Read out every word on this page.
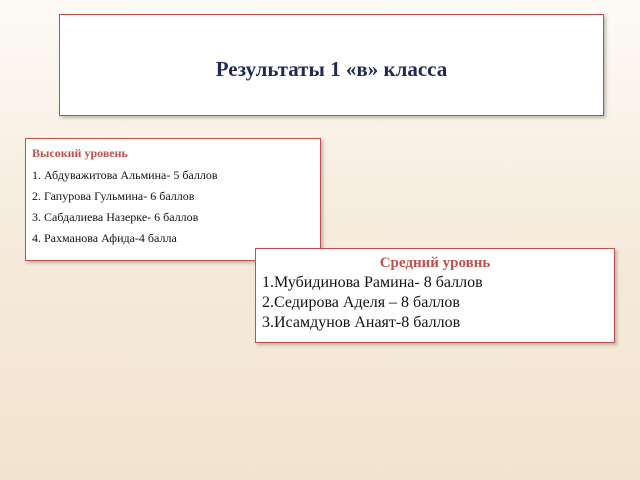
Результаты 1 «в» класса
Высокий уровень
1. Абдуважитова Альмина- 5 баллов
2. Гапурова Гульмина- 6 баллов
3. Сабдалиева Назерке- 6 баллов
4. Рахманова Афида-4 балла
Средний уровнь
1.Мубидинова Рамина- 8 баллов
2.Седирова Аделя – 8 баллов
3.Исамдунов Анаят-8 баллов
